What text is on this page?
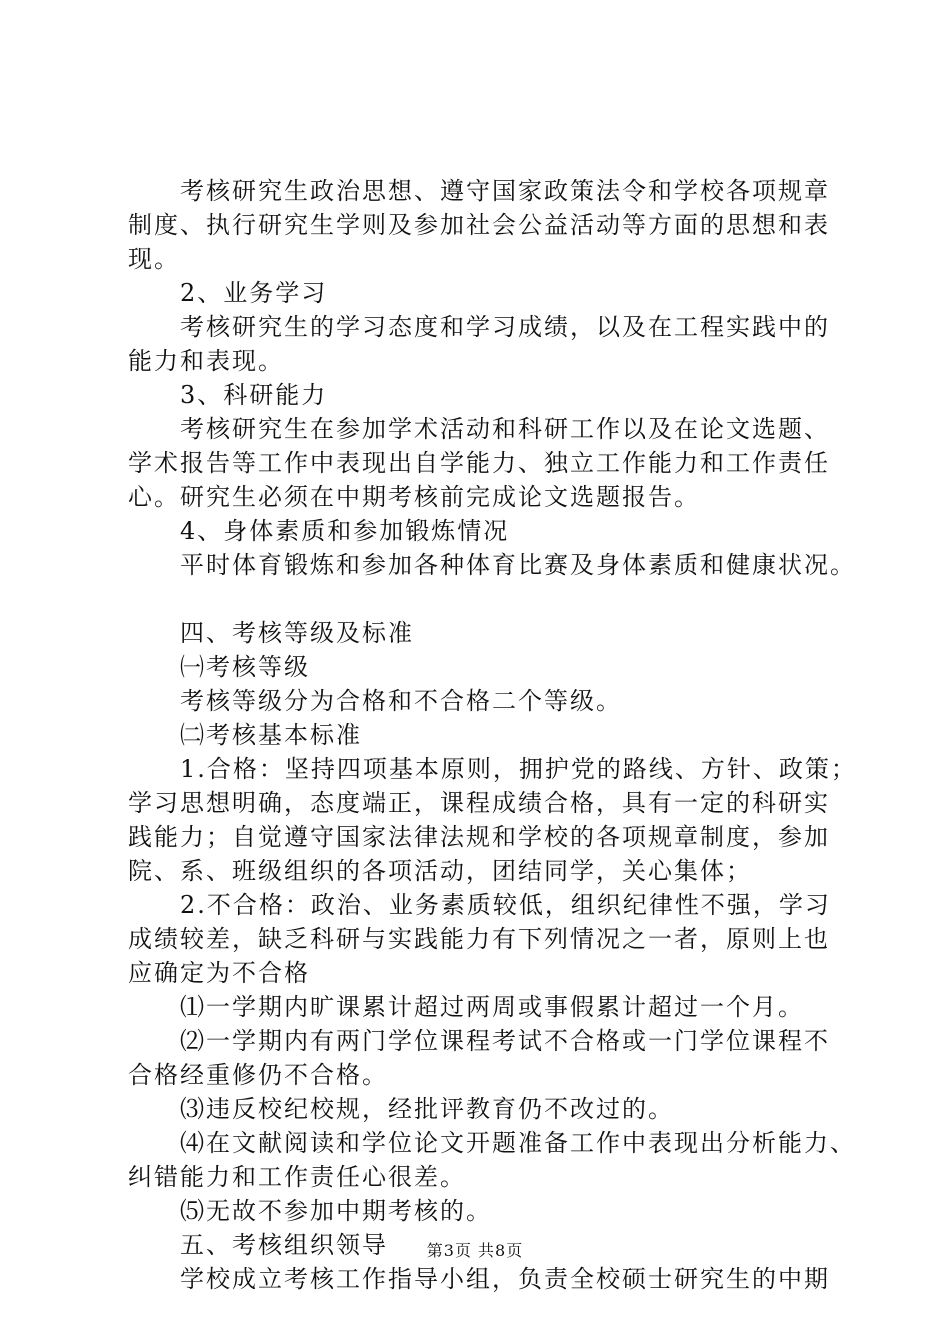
考核研究生政治思想、遵守国家政策法令和学校各项规章
制度、执行研究生学则及参加社会公益活动等方面的思想和表
现。
2、业务学习
考核研究生的学习态度和学习成绩，以及在工程实践中的
能力和表现。
3、科研能力
考核研究生在参加学术活动和科研工作以及在论文选题、
学术报告等工作中表现出自学能力、独立工作能力和工作责任
心。研究生必须在中期考核前完成论文选题报告。
4、身体素质和参加锻炼情况
平时体育锻炼和参加各种体育比赛及身体素质和健康状况。
四、考核等级及标准
㈠考核等级
考核等级分为合格和不合格二个等级。
㈡考核基本标准
1.合格：坚持四项基本原则，拥护党的路线、方针、政策；
学习思想明确，态度端正，课程成绩合格，具有一定的科研实
践能力；自觉遵守国家法律法规和学校的各项规章制度，参加
院、系、班级组织的各项活动，团结同学，关心集体；
2.不合格：政治、业务素质较低，组织纪律性不强，学习
成绩较差，缺乏科研与实践能力有下列情况之一者，原则上也
应确定为不合格
⑴一学期内旷课累计超过两周或事假累计超过一个月。
⑵一学期内有两门学位课程考试不合格或一门学位课程不
合格经重修仍不合格。
⑶违反校纪校规，经批评教育仍不改过的。
⑷在文献阅读和学位论文开题准备工作中表现出分析能力、
纠错能力和工作责任心很差。
⑸无故不参加中期考核的。
五、考核组织领导
学校成立考核工作指导小组，负责全校硕士研究生的中期
第3页 共8页
